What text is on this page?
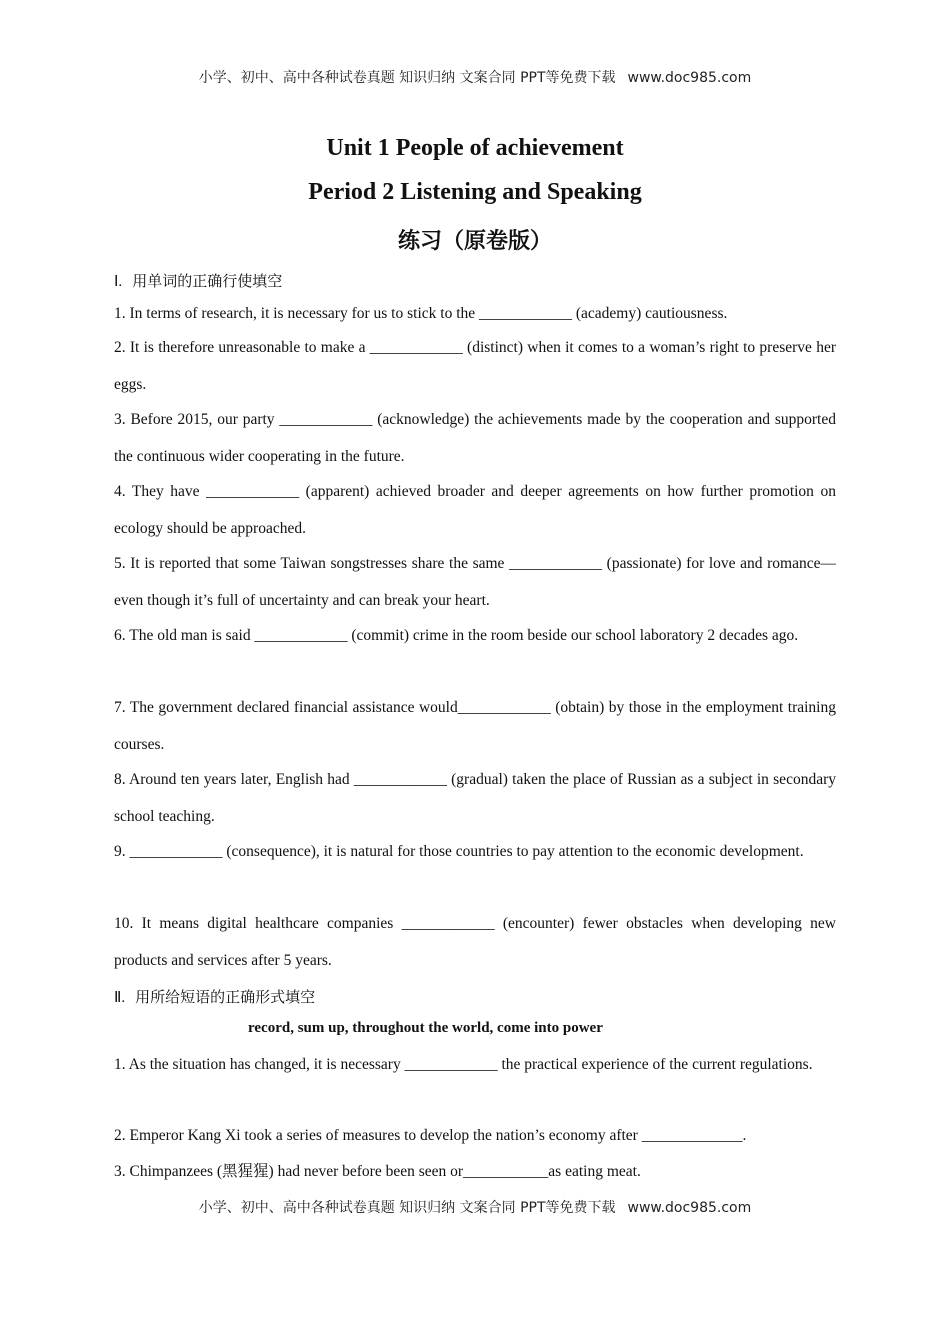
小学、初中、高中各种试卷真题 知识归纳 文案合同 PPT等免费下载 www.doc985.com
Unit 1 People of achievement
Period 2 Listening and Speaking
练习（原卷版）
Ⅰ. 用单词的正确行使填空
1. In terms of research, it is necessary for us to stick to the ____________ (academy) cautiousness.
2. It is therefore unreasonable to make a ____________ (distinct) when it comes to a woman’s right to preserve her eggs.
3. Before 2015, our party ____________ (acknowledge) the achievements made by the cooperation and supported the continuous wider cooperating in the future.
4. They have ____________ (apparent) achieved broader and deeper agreements on how further promotion on ecology should be approached.
5. It is reported that some Taiwan songstresses share the same ____________ (passionate) for love and romance—even though it’s full of uncertainty and can break your heart.
6. The old man is said ____________ (commit) crime in the room beside our school laboratory 2 decades ago.
7. The government declared financial assistance would____________ (obtain) by those in the employment training courses.
8. Around ten years later, English had ____________ (gradual) taken the place of Russian as a subject in secondary school teaching.
9. ____________ (consequence), it is natural for those countries to pay attention to the economic development.
10. It means digital healthcare companies ____________ (encounter) fewer obstacles when developing new products and services after 5 years.
Ⅱ. 用所给短语的正确形式填空
record, sum up, throughout the world, come into power
1. As the situation has changed, it is necessary ____________ the practical experience of the current regulations.
2. Emperor Kang Xi took a series of measures to develop the nation’s economy after _____________.
3. Chimpanzees (黑猩猩) had never before been seen or___________as eating meat.
小学、初中、高中各种试卷真题 知识归纳 文案合同 PPT等免费下载 www.doc985.com
